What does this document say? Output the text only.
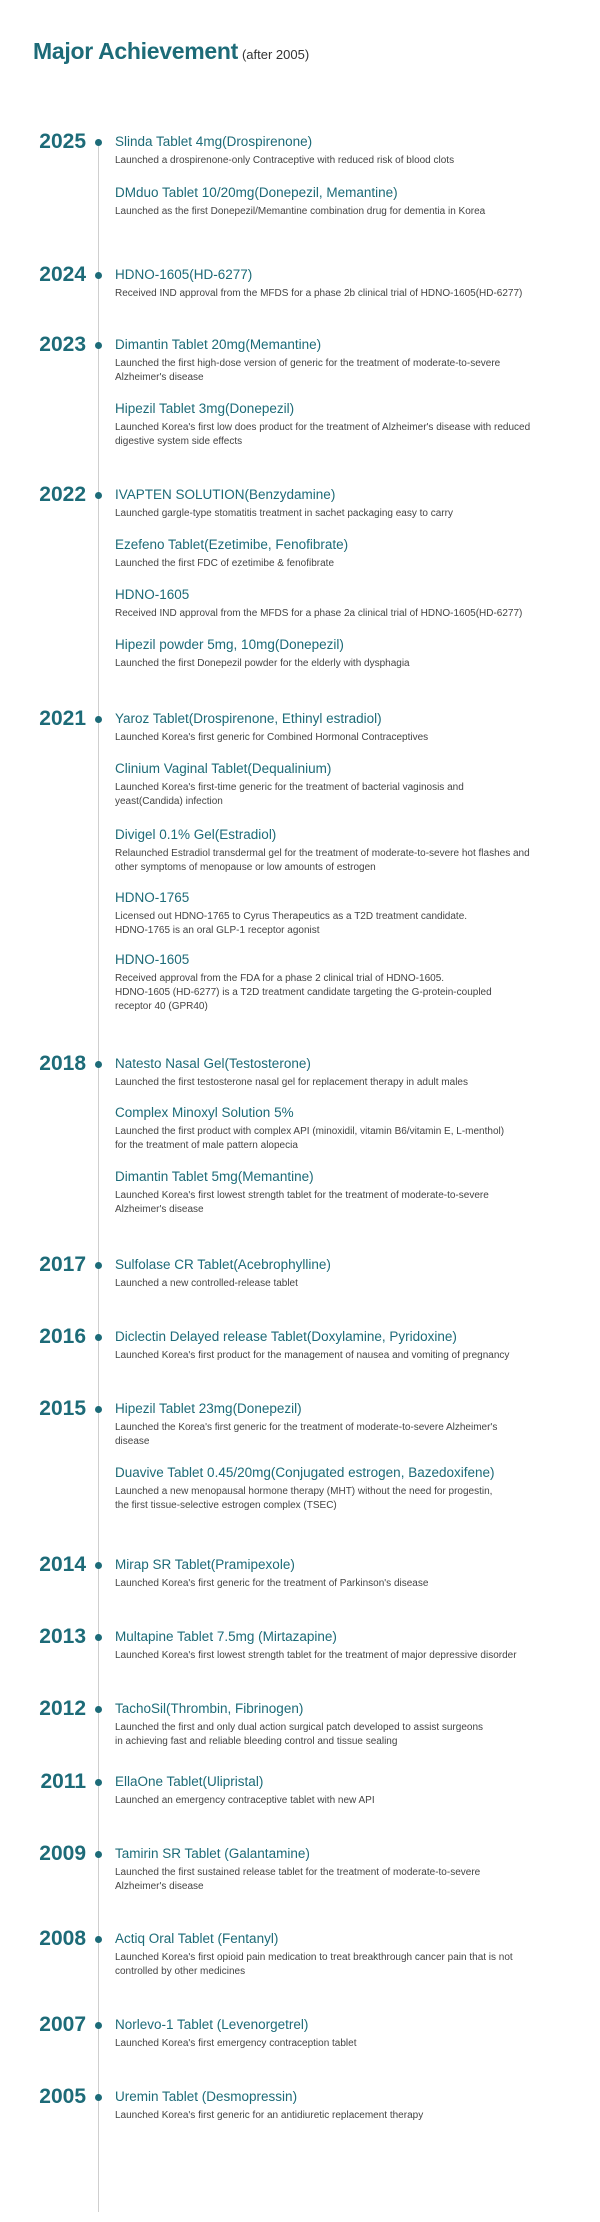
Major Achievement (after 2005)
2025 Slinda Tablet 4mg(Drospirenone)
Launched a drospirenone-only Contraceptive with reduced risk of blood clots
DMduo Tablet 10/20mg(Donepezil, Memantine)
Launched as the first Donepezil/Memantine combination drug for dementia in Korea
2024 HDNO-1605(HD-6277)
Received IND approval from the MFDS for a phase 2b clinical trial of HDNO-1605(HD-6277)
2023 Dimantin Tablet 20mg(Memantine)
Launched the first high-dose version of generic for the treatment of moderate-to-severe
Alzheimer's disease
Hipezil Tablet 3mg(Donepezil)
Launched Korea's first low does product for the treatment of Alzheimer's disease with reduced
digestive system side effects
2022 IVAPTEN SOLUTION(Benzydamine)
Launched gargle-type stomatitis treatment in sachet packaging easy to carry
Ezefeno Tablet(Ezetimibe, Fenofibrate)
Launched the first FDC of ezetimibe & fenofibrate
HDNO-1605
Received IND approval from the MFDS for a phase 2a clinical trial of HDNO-1605(HD-6277)
Hipezil powder 5mg, 10mg(Donepezil)
Launched the first Donepezil powder for the elderly with dysphagia
2021 Yaroz Tablet(Drospirenone, Ethinyl estradiol)
Launched Korea's first generic for Combined Hormonal Contraceptives
Clinium Vaginal Tablet(Dequalinium)
Launched Korea's first-time generic for the treatment of bacterial vaginosis and
yeast(Candida) infection
Divigel 0.1% Gel(Estradiol)
Relaunched Estradiol transdermal gel for the treatment of moderate-to-severe hot flashes and
other symptoms of menopause or low amounts of estrogen
HDNO-1765
Licensed out HDNO-1765 to Cyrus Therapeutics as a T2D treatment candidate.
HDNO-1765 is an oral GLP-1 receptor agonist
HDNO-1605
Received approval from the FDA for a phase 2 clinical trial of HDNO-1605.
HDNO-1605 (HD-6277) is a T2D treatment candidate targeting the G-protein-coupled
receptor 40 (GPR40)
2018 Natesto Nasal Gel(Testosterone)
Launched the first testosterone nasal gel for replacement therapy in adult males
Complex Minoxyl Solution 5%
Launched the first product with complex API (minoxidil, vitamin B6/vitamin E, L-menthol)
for the treatment of male pattern alopecia
Dimantin Tablet 5mg(Memantine)
Launched Korea's first lowest strength tablet for the treatment of moderate-to-severe
Alzheimer's disease
2017 Sulfolase CR Tablet(Acebrophylline)
Launched a new controlled-release tablet
2016 Diclectin Delayed release Tablet(Doxylamine, Pyridoxine)
Launched Korea's first product for the management of nausea and vomiting of pregnancy
2015 Hipezil Tablet 23mg(Donepezil)
Launched the Korea's first generic for the treatment of moderate-to-severe Alzheimer's
disease
Duavive Tablet 0.45/20mg(Conjugated estrogen, Bazedoxifene)
Launched a new menopausal hormone therapy (MHT) without the need for progestin,
the first tissue-selective estrogen complex (TSEC)
2014 Mirap SR Tablet(Pramipexole)
Launched Korea's first generic for the treatment of Parkinson's disease
2013 Multapine Tablet 7.5mg (Mirtazapine)
Launched Korea's first lowest strength tablet for the treatment of major depressive disorder
2012 TachoSil(Thrombin, Fibrinogen)
Launched the first and only dual action surgical patch developed to assist surgeons
in achieving fast and reliable bleeding control and tissue sealing
2011 EllaOne Tablet(Ulipristal)
Launched an emergency contraceptive tablet with new API
2009 Tamirin SR Tablet (Galantamine)
Launched the first sustained release tablet for the treatment of moderate-to-severe
Alzheimer's disease
2008 Actiq Oral Tablet (Fentanyl)
Launched Korea's first opioid pain medication to treat breakthrough cancer pain that is not
controlled by other medicines
2007 Norlevo-1 Tablet (Levenorgetrel)
Launched Korea's first emergency contraception tablet
2005 Uremin Tablet (Desmopressin)
Launched Korea's first generic for an antidiuretic replacement therapy
